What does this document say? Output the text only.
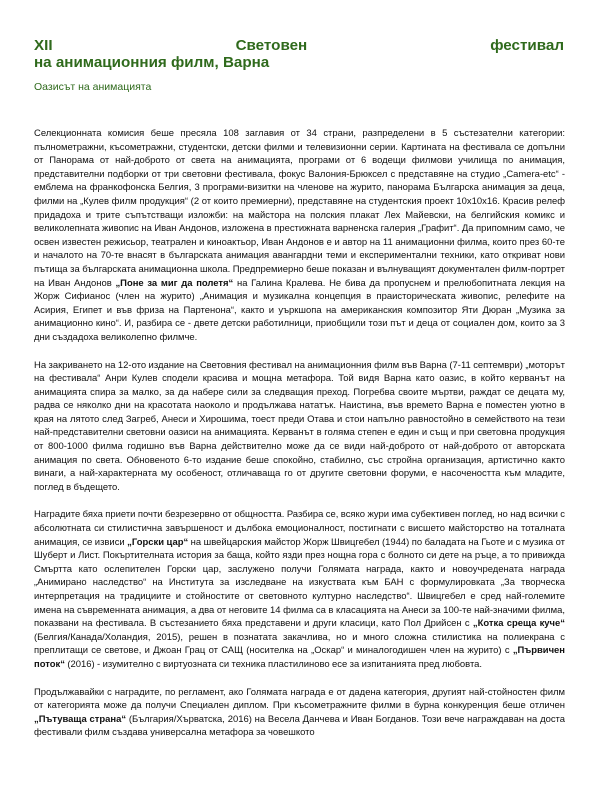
XII Световен фестивал
на анимационния филм, Варна

Оазисът на анимацията

Селекционната комисия беше пресяла 108 заглавия от 34 страни, разпределени в 5 състезателни категории: пълнометражни, късометражни, студентски, детски филми и телевизионни серии. Картината на фестивала се допълни от Панорама от най-доброто от света на анимацията, програми от 6 водещи филмови училища по анимация, представителни подборки от три световни фестивала, фокус Валония-Брюксел с представяне на студио „Camera-etc“ - емблема на франкофонска Белгия, 3 програми-визитки на членове на журито, панорама Българска анимация за деца, филми на „Кулев филм продукция“ (2 от които премиерни), представяне на студентския проект 10х10х16. Красив релеф придадоха и трите съпътстващи изложби: на майстора на полския плакат Лех Майевски, на белгийския комикс и великолепната живопис на Иван Андонов, изложена в престижната варненска галерия „Графит“. Да припомним само, че освен известен режисьор, театрален и киноактьор, Иван Андонов е и автор на 11 анимационни филма, които през 60-те и началото на 70-те внасят в българската анимация авангардни теми и експериментални техники, като откриват нови пътища за българската анимационна школа. Предпремиерно беше показан и вълнуващият документален филм-портрет на Иван Андонов „Поне за миг да полетя“ на Галина Кралева. Не бива да пропуснем и прелюбопитната лекция на Жорж Сифианос (член на журито) „Анимация и музикална концепция в праисторическата живопис, релефите на Асирия, Египет и във фриза на Партенона“, както и уъркшопа на американския композитор Яти Дюран „Музика за анимационно кино“. И, разбира се - двете детски работилници, приобщили този път и деца от социален дом, които за 3 дни създадоха великолепно филмче.

На закриването на 12-ото издание на Световния фестивал на анимационния филм във Варна (7-11 септември) „моторът на фестивала“ Анри Кулев сподели красива и мощна метафора. Той видя Варна като оазис, в който керванът на анимацията спира за малко, за да набере сили за следващия преход. Погребва своите мъртви, раждат се децата му, радва се няколко дни на красотата наоколо и продължава нататък. Наистина, във времето Варна е поместен уютно в края на лятото след Загреб, Анеси и Хирошима, тоест преди Отава и стои напълно равностойно в семейството на тези най-представителни световни оазиси на анимацията. Керванът в голяма степен е един и същ и при световна продукция от 800-1000 филма годишно във Варна действително може да се види най-доброто от най-доброто от авторската анимация по света. Обновеното 6-то издание беше спокойно, стабилно, със стройна организация, артистично както винаги, а най-характерната му особеност, отличаваща го от другите световни форуми, е насочеността към младите, поглед в бъдещето.

Наградите бяха приети почти безрезервно от общността. Разбира се, всяко жури има субективен поглед, но над всички с абсолютната си стилистична завършеност и дълбока емоционалност, постигнати с висшето майсторство на тоталната анимация, се извиси „Горски цар“ на швейцарския майстор Жорж Швицгебел (1944) по баладата на Гьоте и с музика от Шуберт и Лист. Покъртителната история за баща, който язди през нощна гора с болното си дете на ръце, а то привижда Смъртта като ослепителен Горски цар, заслужено получи Голямата награда, както и новоучредената награда „Анимирано наследство“ на Института за изследване на изкуствата към БАН с формулировката „За творческа интерпретация на традициите и стойностите от световното културно наследство“. Швицгебел е сред най-големите имена на съвременната анимация, а два от неговите 14 филма са в класацията на Анеси за 100-те най-значими филма, показвани на фестивала. В състезанието бяха представени и други класици, като Пол Дрийсен с „Котка среща куче“ (Белгия/Канада/Холандия, 2015), решен в познатата закачлива, но и много сложна стилистика на полиекрана с преплитащи се светове, и Джоан Грац от САЩ (носителка на „Оскар“ и миналогодишен член на журито) с „Първичен поток“ (2016) - изумително с виртуозната си техника пластилиново есе за изпитанията пред любовта.

Продължавайки с наградите, по регламент, ако Голямата награда е от дадена категория, другият най-стойностен филм от категорията може да получи Специален диплом. При късометражните филми в бурна конкуренция беше отличен „Пътуваща страна“ (България/Хърватска, 2016) на Весела Данчева и Иван Богданов. Този вече награждаван на доста фестивали филм създава универсална метафора за човешкото
